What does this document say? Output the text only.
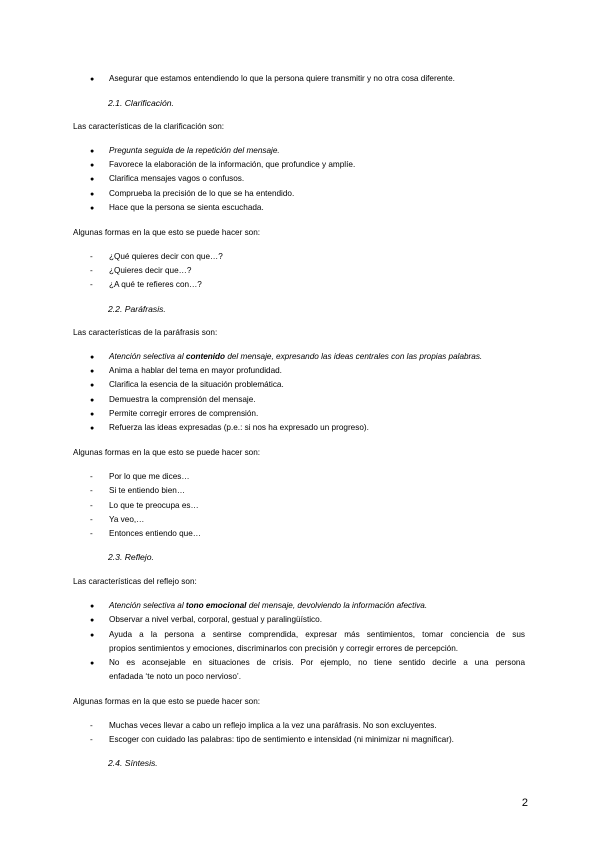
● Asegurar que estamos entendiendo lo que la persona quiere transmitir y no otra cosa diferente.
2.1. Clarificación.
Las características de la clarificación son:
● Pregunta seguida de la repetición del mensaje.
● Favorece la elaboración de la información, que profundice y amplíe.
● Clarifica mensajes vagos o confusos.
● Comprueba la precisión de lo que se ha entendido.
● Hace que la persona se sienta escuchada.
Algunas formas en la que esto se puede hacer son:
- ¿Qué quieres decir con que…?
- ¿Quieres decir que…?
- ¿A qué te refieres con…?
2.2. Paráfrasis.
Las características de la paráfrasis son:
● Atención selectiva al contenido del mensaje, expresando las ideas centrales con las propias palabras.
● Anima a hablar del tema en mayor profundidad.
● Clarifica la esencia de la situación problemática.
● Demuestra la comprensión del mensaje.
● Permite corregir errores de comprensión.
● Refuerza las ideas expresadas (p.e.: si nos ha expresado un progreso).
Algunas formas en la que esto se puede hacer son:
- Por lo que me dices…
- Si te entiendo bien…
- Lo que te preocupa es…
- Ya veo,…
- Entonces entiendo que…
2.3. Reflejo.
Las características del reflejo son:
● Atención selectiva al tono emocional del mensaje, devolviendo la información afectiva.
● Observar a nivel verbal, corporal, gestual y paralingüístico.
● Ayuda a la persona a sentirse comprendida, expresar más sentimientos, tomar conciencia de sus
propios sentimientos y emociones, discriminarlos con precisión y corregir errores de percepción.
● No es aconsejable en situaciones de crisis. Por ejemplo, no tiene sentido decirle a una persona
enfadada ‘te noto un poco nervioso’.
Algunas formas en la que esto se puede hacer son:
- Muchas veces llevar a cabo un reflejo implica a la vez una paráfrasis. No son excluyentes.
- Escoger con cuidado las palabras: tipo de sentimiento e intensidad (ni minimizar ni magnificar).
2.4. Síntesis.
2
